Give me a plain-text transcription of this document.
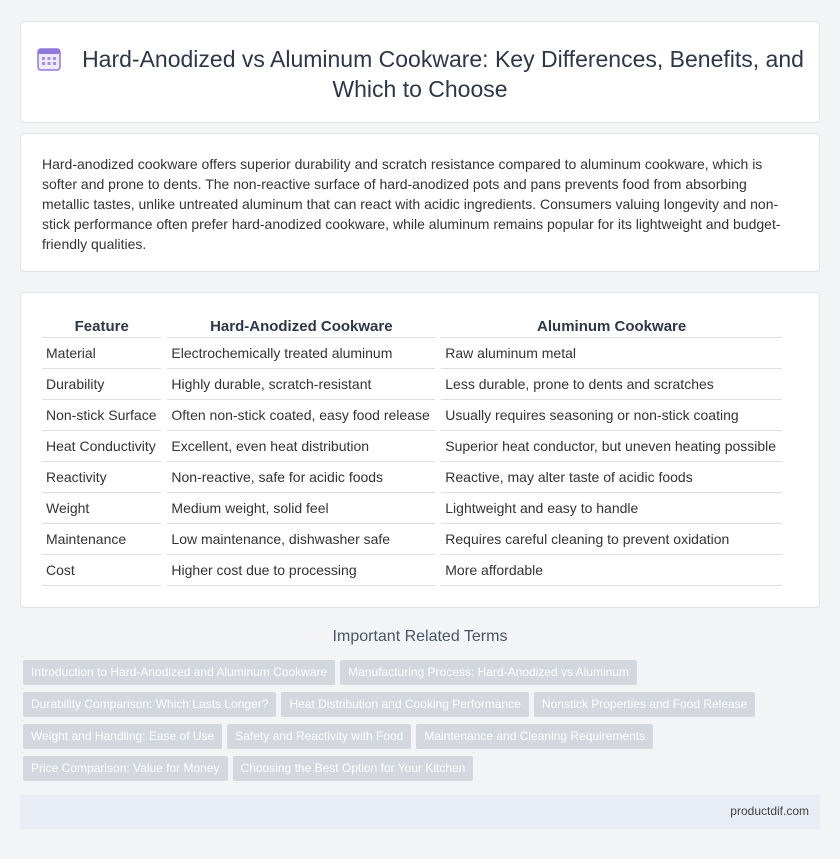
Hard-Anodized vs Aluminum Cookware: Key Differences, Benefits, and Which to Choose

Hard-anodized cookware offers superior durability and scratch resistance compared to aluminum cookware, which is softer and prone to dents. The non-reactive surface of hard-anodized pots and pans prevents food from absorbing metallic tastes, unlike untreated aluminum that can react with acidic ingredients. Consumers valuing longevity and non-stick performance often prefer hard-anodized cookware, while aluminum remains popular for its lightweight and budget-friendly qualities.

Feature	Hard-Anodized Cookware	Aluminum Cookware
Material	Electrochemically treated aluminum	Raw aluminum metal
Durability	Highly durable, scratch-resistant	Less durable, prone to dents and scratches
Non-stick Surface	Often non-stick coated, easy food release	Usually requires seasoning or non-stick coating
Heat Conductivity	Excellent, even heat distribution	Superior heat conductor, but uneven heating possible
Reactivity	Non-reactive, safe for acidic foods	Reactive, may alter taste of acidic foods
Weight	Medium weight, solid feel	Lightweight and easy to handle
Maintenance	Low maintenance, dishwasher safe	Requires careful cleaning to prevent oxidation
Cost	Higher cost due to processing	More affordable
Important Related Terms
Introduction to Hard-Anodized and Aluminum Cookware Manufacturing Process: Hard-Anodized vs Aluminum
Durability Comparison: Which Lasts Longer? Heat Distribution and Cooking Performance Nonstick Properties and Food Release
Weight and Handling: Ease of Use Safety and Reactivity with Food Maintenance and Cleaning Requirements
Price Comparison: Value for Money Choosing the Best Option for Your Kitchen
productdif.com
